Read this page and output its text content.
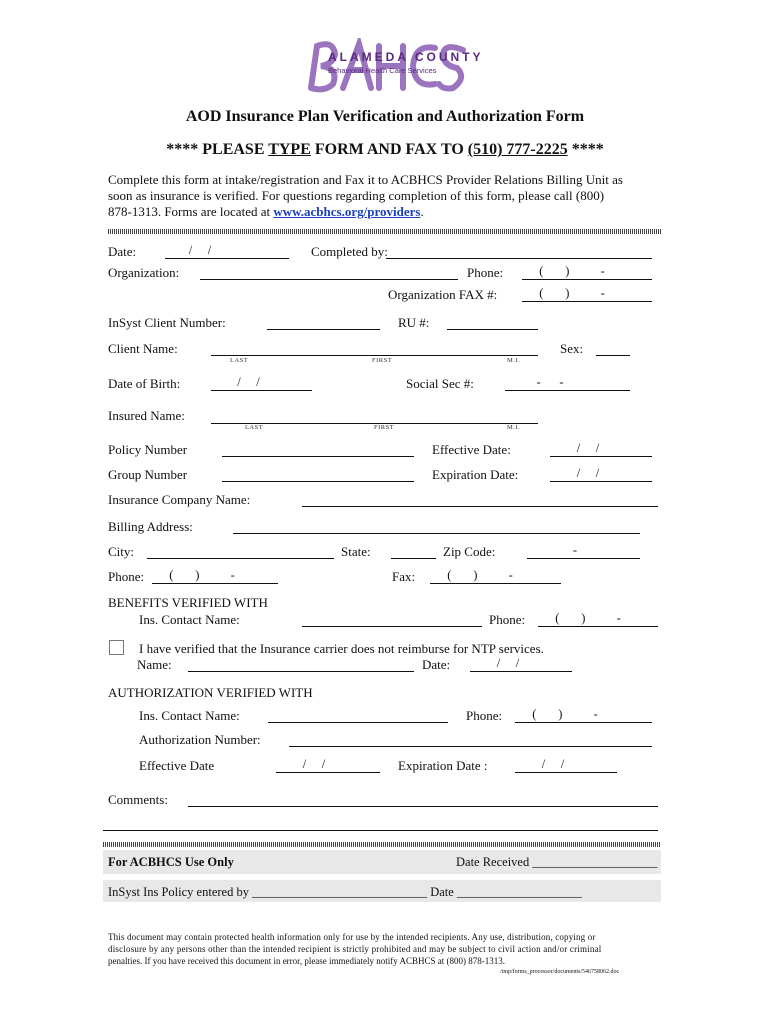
ALAMEDA COUNTY
Behavioral Health Care Services
AOD Insurance Plan Verification and Authorization Form
**** PLEASE TYPE FORM AND FAX TO (510) 777-2225 ****
Complete this form at intake/registration and Fax it to ACBHCS Provider Relations Billing Unit as
soon as insurance is verified. For questions regarding completion of this form, please call (800)
878-1313. Forms are located at www.acbhcs.org/providers.
Date:	/     /	Completed by:
Organization:	Phone:	(       )          -
Organization FAX #:	(       )          -
InSyst Client Number:	RU #:
Client Name:
LAST	FIRST	M.I.
Sex:
Date of Birth:	/     /	Social Sec #:	-      -
Insured Name:
LAST	FIRST	M.I.
Policy Number	Effective Date:	/     /
Group Number	Expiration Date:	/     /
Insurance Company Name:
Billing Address:
City:	State:	Zip Code:	-
Phone:	(       )          -	Fax:	(       )          -
BENEFITS VERIFIED WITH
Ins. Contact Name:	Phone:	(       )          -
I have verified that the Insurance carrier does not reimburse for NTP services.
Name:	Date:	/     /
AUTHORIZATION VERIFIED WITH
Ins. Contact Name:	Phone:	(       )          -
Authorization Number:
Effective Date	/     /	Expiration Date :	/     /
Comments:
For ACBHCS Use Only	Date Received ____________________
InSyst Ins Policy entered by ____________________________ Date ____________________
This document may contain protected health information only for use by the intended recipients. Any use, distribution, copying or
disclosure by any persons other than the intended recipient is strictly prohibited and may be subject to civil action and/or criminal
penalties. If you have received this document in error, please immediately notify ACBHCS at (800) 878-1313.
/tmp/forms_processor/documents/546758062.doc
